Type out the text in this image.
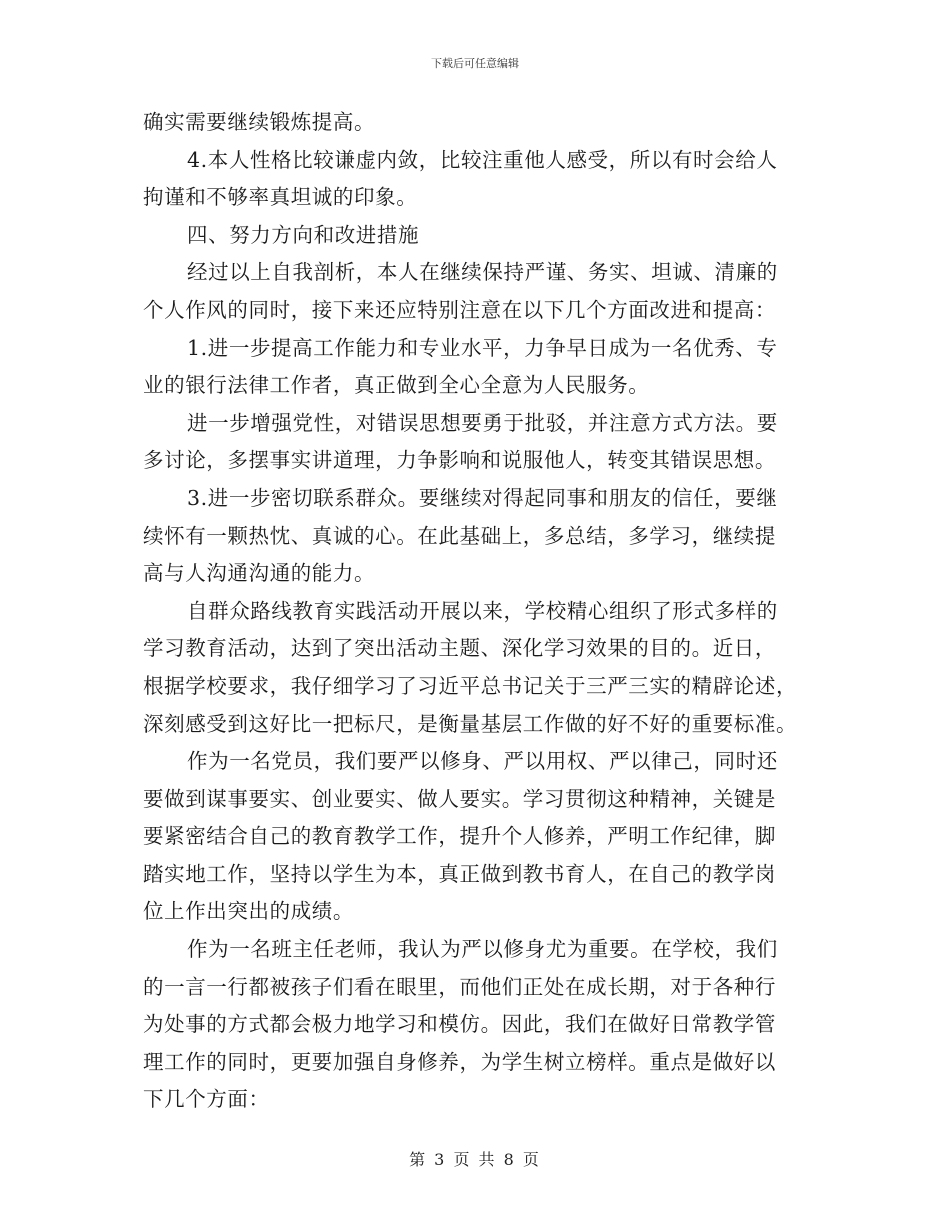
下载后可任意编辑
确实需要继续锻炼提高。
4.本人性格比较谦虚内敛，比较注重他人感受，所以有时会给人
拘谨和不够率真坦诚的印象。
四、努力方向和改进措施
经过以上自我剖析，本人在继续保持严谨、务实、坦诚、清廉的
个人作风的同时，接下来还应特别注意在以下几个方面改进和提高：
1.进一步提高工作能力和专业水平，力争早日成为一名优秀、专
业的银行法律工作者，真正做到全心全意为人民服务。
进一步增强党性，对错误思想要勇于批驳，并注意方式方法。要
多讨论，多摆事实讲道理，力争影响和说服他人，转变其错误思想。
3.进一步密切联系群众。要继续对得起同事和朋友的信任，要继
续怀有一颗热忱、真诚的心。在此基础上，多总结，多学习，继续提
高与人沟通沟通的能力。
自群众路线教育实践活动开展以来，学校精心组织了形式多样的
学习教育活动，达到了突出活动主题、深化学习效果的目的。近日，
根据学校要求，我仔细学习了习近平总书记关于三严三实的精辟论述，
深刻感受到这好比一把标尺，是衡量基层工作做的好不好的重要标准。
作为一名党员，我们要严以修身、严以用权、严以律己，同时还
要做到谋事要实、创业要实、做人要实。学习贯彻这种精神，关键是
要紧密结合自己的教育教学工作，提升个人修养，严明工作纪律，脚
踏实地工作，坚持以学生为本，真正做到教书育人，在自己的教学岗
位上作出突出的成绩。
作为一名班主任老师，我认为严以修身尤为重要。在学校，我们
的一言一行都被孩子们看在眼里，而他们正处在成长期，对于各种行
为处事的方式都会极力地学习和模仿。因此，我们在做好日常教学管
理工作的同时，更要加强自身修养，为学生树立榜样。重点是做好以
下几个方面：
第 3 页 共 8 页
